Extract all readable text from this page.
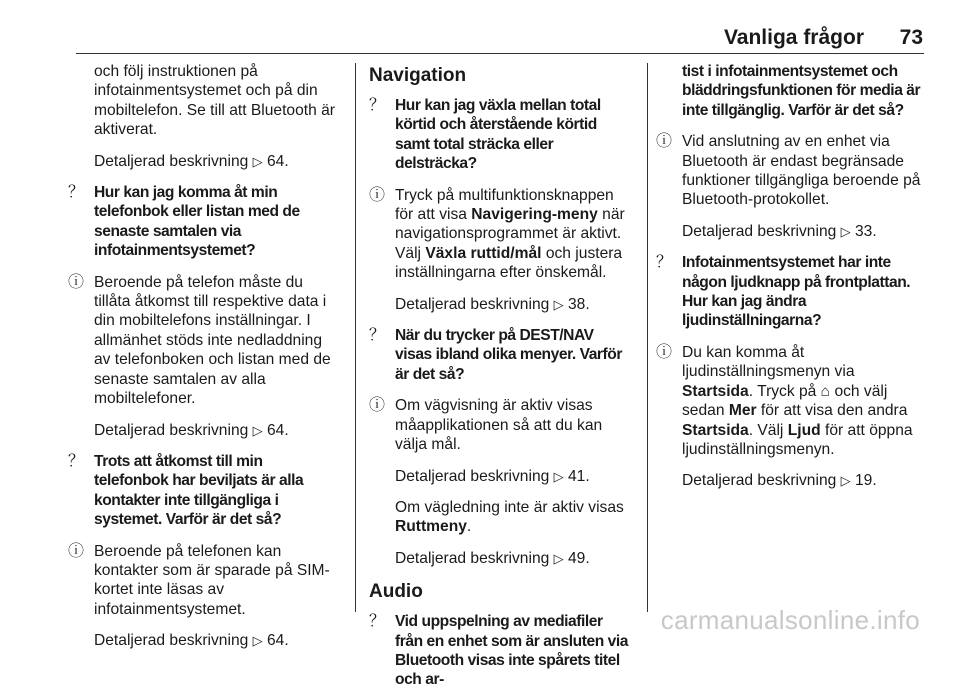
Vanliga frågor 73

och följ instruktionen på infotainmentsystemet och på din mobiltelefon. Se till att Bluetooth är aktiverat.

Detaljerad beskrivning ▷ 64.

？ Hur kan jag komma åt min telefonbok eller listan med de senaste samtalen via infotainmentsystemet?
ⓘ Beroende på telefon måste du tillåta åtkomst till respektive data i din mobiltelefons inställningar. I allmänhet stöds inte nedladdning av telefonboken och listan med de senaste samtalen av alla mobiltelefoner.

Detaljerad beskrivning ▷ 64.

？ Trots att åtkomst till min telefonbok har beviljats är alla kontakter inte tillgängliga i systemet. Varför är det så?
ⓘ Beroende på telefonen kan kontakter som är sparade på SIM-kortet inte läsas av infotainmentsystemet.

Detaljerad beskrivning ▷ 64.

Navigation
？ Hur kan jag växla mellan total körtid och återstående körtid samt total sträcka eller delsträcka?
ⓘ Tryck på multifunktionsknappen för att visa Navigering-meny när navigationsprogrammet är aktivt. Välj Växla ruttid/mål och justera inställningarna efter önskemål.

Detaljerad beskrivning ▷ 38.

？ När du trycker på DEST/NAV visas ibland olika menyer. Varför är det så?
ⓘ Om vägvisning är aktiv visas måapplikationen så att du kan välja mål.

Detaljerad beskrivning ▷ 41.

Om vägledning inte är aktiv visas Ruttmeny.

Detaljerad beskrivning ▷ 49.

Audio
？ Vid uppspelning av mediafiler från en enhet som är ansluten via Bluetooth visas inte spårets titel och ar-

tist i infotainmentsystemet och bläddringsfunktionen för media är inte tillgänglig. Varför är det så?

ⓘ Vid anslutning av en enhet via Bluetooth är endast begränsade funktioner tillgängliga beroende på Bluetooth-protokollet.

Detaljerad beskrivning ▷ 33.

？ Infotainmentsystemet har inte någon ljudknapp på frontplattan. Hur kan jag ändra ljudinställningarna?
ⓘ Du kan komma åt ljudinställningsmenyn via Startsida. Tryck på ⌂ och välj sedan Mer för att visa den andra Startsida. Välj Ljud för att öppna ljudinställningsmenyn.

Detaljerad beskrivning ▷ 19.

carmanualsonline.info
